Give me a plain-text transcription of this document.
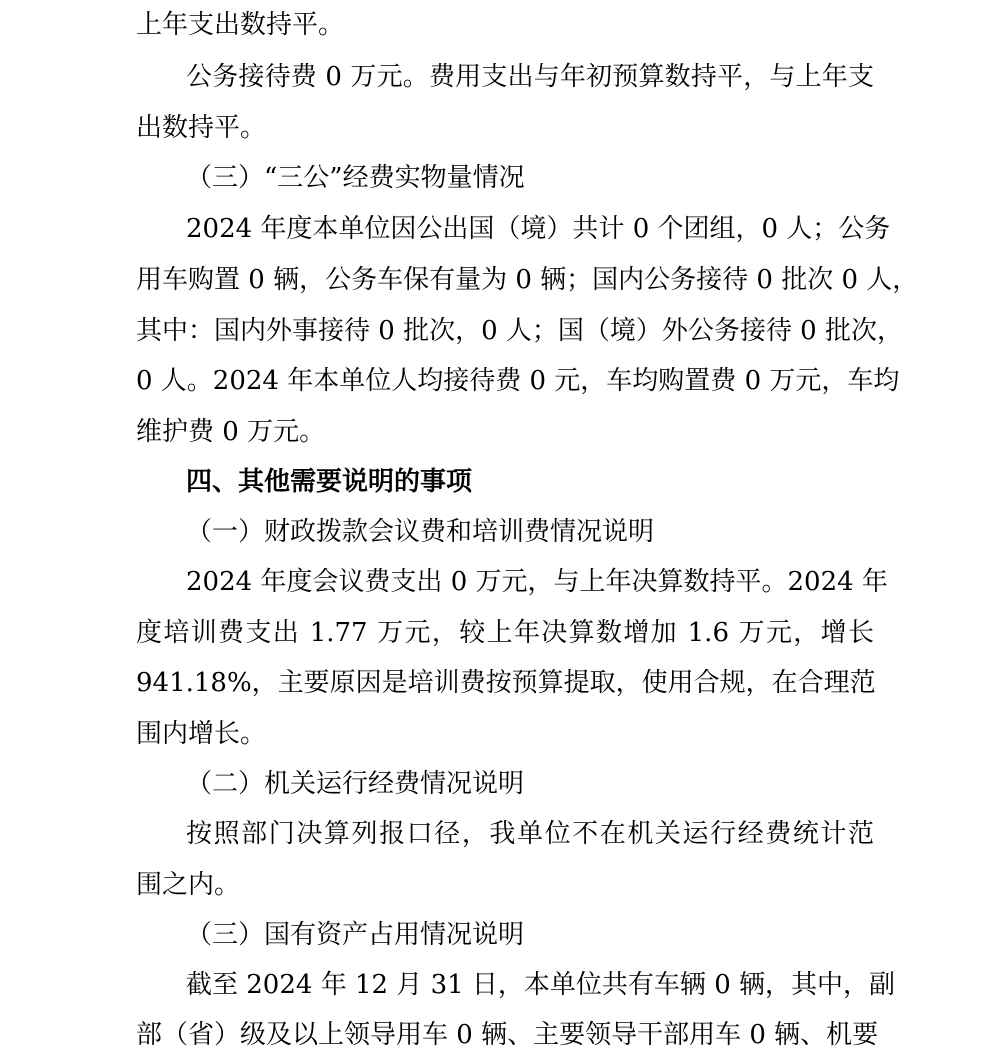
上年支出数持平。
公务接待费 0 万元。费用支出与年初预算数持平，与上年支
出数持平。
（三）“三公”经费实物量情况
2024 年度本单位因公出国（境）共计 0 个团组，0 人；公务
用车购置 0 辆，公务车保有量为 0 辆；国内公务接待 0 批次 0 人，
其中：国内外事接待 0 批次，0 人；国（境）外公务接待 0 批次，
0 人。2024 年本单位人均接待费 0 元，车均购置费 0 万元，车均
维护费 0 万元。
四、其他需要说明的事项
（一）财政拨款会议费和培训费情况说明
2024 年度会议费支出 0 万元，与上年决算数持平。2024 年
度培训费支出 1.77 万元，较上年决算数增加 1.6 万元，增长
941.18%，主要原因是培训费按预算提取，使用合规，在合理范
围内增长。
（二）机关运行经费情况说明
按照部门决算列报口径，我单位不在机关运行经费统计范
围之内。
（三）国有资产占用情况说明
截至 2024 年 12 月 31 日，本单位共有车辆 0 辆，其中，副
部（省）级及以上领导用车 0 辆、主要领导干部用车 0 辆、机要
